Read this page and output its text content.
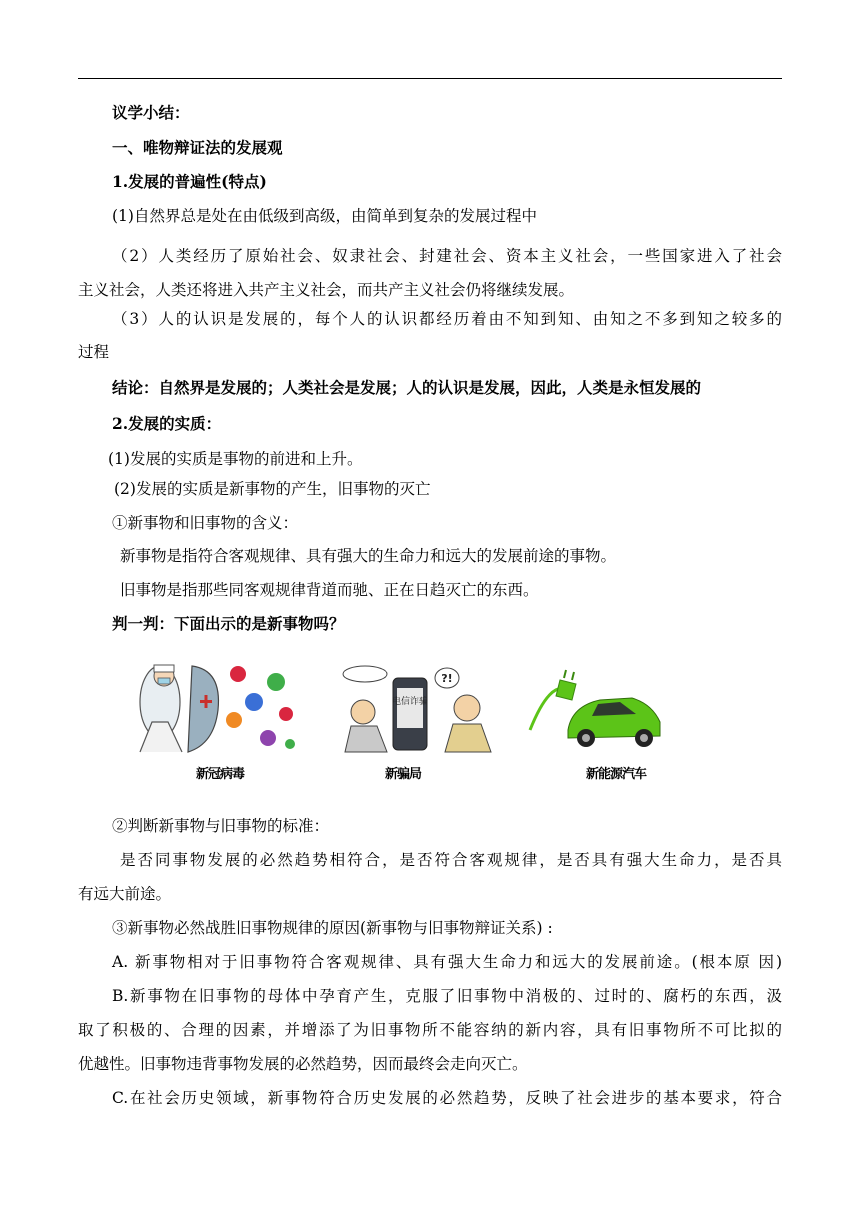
议学小结：
一、唯物辩证法的发展观
1.发展的普遍性(特点)
(1)自然界总是处在由低级到高级，由简单到复杂的发展过程中
（2）人类经历了原始社会、奴隶社会、封建社会、资本主义社会，一些国家进入了社会
主义社会，人类还将进入共产主义社会，而共产主义社会仍将继续发展。
（3）人的认识是发展的，每个人的认识都经历着由不知到知、由知之不多到知之较多的
过程
结论：自然界是发展的；人类社会是发展；人的认识是发展，因此，人类是永恒发展的
2.发展的实质：
(1)发展的实质是事物的前进和上升。
(2)发展的实质是新事物的产生，旧事物的灭亡
①新事物和旧事物的含义：
新事物是指符合客观规律、具有强大的生命力和远大的发展前途的事物。
旧事物是指那些同客观规律背道而驰、正在日趋灭亡的东西。
判一判：下面出示的是新事物吗？
电信诈骗
?!
新冠病毒	新骗局	新能源汽车
②判断新事物与旧事物的标准：
是否同事物发展的必然趋势相符合，是否符合客观规律，是否具有强大生命力，是否具
有远大前途。
③新事物必然战胜旧事物规律的原因(新事物与旧事物辩证关系) :
A. 新事物相对于旧事物符合客观规律、具有强大生命力和远大的发展前途。(根本原 因)
B.新事物在旧事物的母体中孕育产生，克服了旧事物中消极的、过时的、腐朽的东西，汲
取了积极的、合理的因素，并增添了为旧事物所不能容纳的新内容，具有旧事物所不可比拟的
优越性。旧事物违背事物发展的必然趋势，因而最终会走向灭亡。
C.在社会历史领域，新事物符合历史发展的必然趋势，反映了社会进步的基本要求，符合
